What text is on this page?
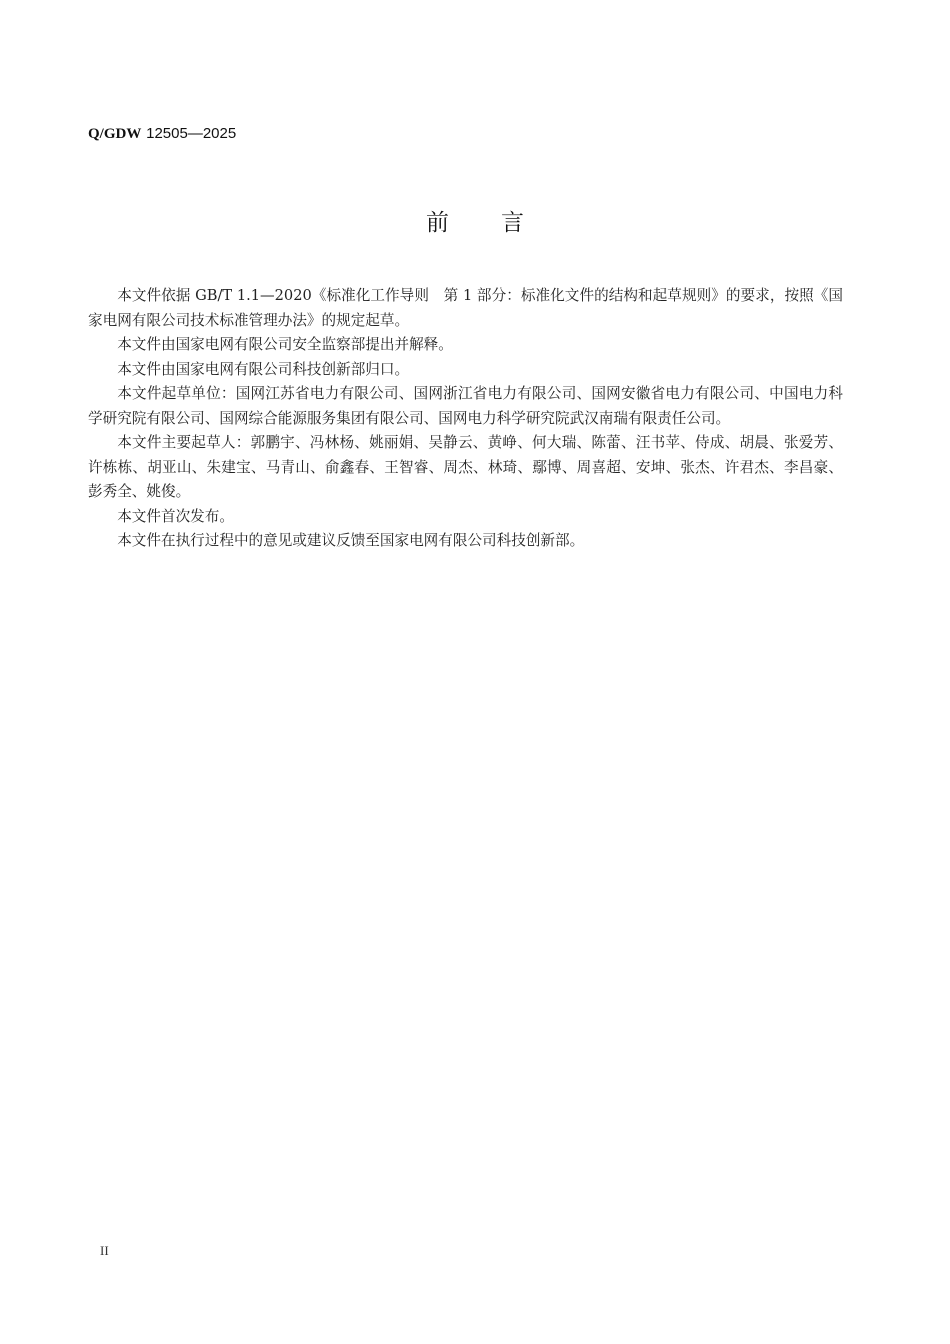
Q/GDW 12505—2025
前 言

本文件依据 GB/T 1.1—2020《标准化工作导则　第 1 部分：标准化文件的结构和起草规则》的要求，按照《国家电网有限公司技术标准管理办法》的规定起草。

本文件由国家电网有限公司安全监察部提出并解释。

本文件由国家电网有限公司科技创新部归口。

本文件起草单位：国网江苏省电力有限公司、国网浙江省电力有限公司、国网安徽省电力有限公司、中国电力科学研究院有限公司、国网综合能源服务集团有限公司、国网电力科学研究院武汉南瑞有限责任公司。

本文件主要起草人：郭鹏宇、冯林杨、姚丽娟、吴静云、黄峥、何大瑞、陈蕾、汪书苹、侍成、胡晨、张爱芳、许栋栋、胡亚山、朱建宝、马青山、俞鑫春、王智睿、周杰、林琦、鄢博、周喜超、安坤、张杰、许君杰、李昌豪、彭秀全、姚俊。

本文件首次发布。

本文件在执行过程中的意见或建议反馈至国家电网有限公司科技创新部。

II
